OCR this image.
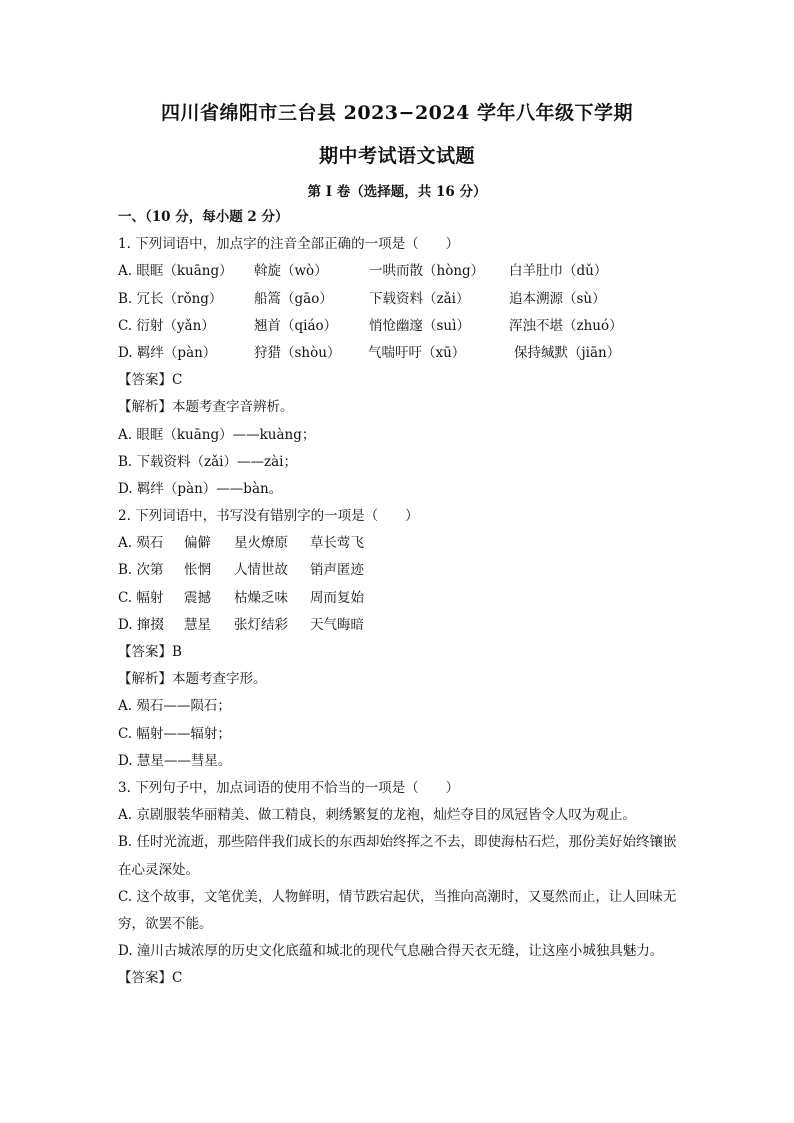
四川省绵阳市三台县 2023−2024 学年八年级下学期
期中考试语文试题
第 I 卷（选择题，共 16 分）
一、（10 分，每小题 2 分）
1. 下列词语中，加点字的注音全部正确的一项是（　　）
A. 眼眶（kuāng） 斡旋（wò）	一哄而散（hòng） 白羊肚巾（dǔ）
B. 冗长（rǒng） 船篙（gāo）	下载资料（zǎi）	追本溯源（sù）
C. 衍射（yǎn）	翘首（qiáo） 悄怆幽邃（suì）	浑浊不堪（zhuó）
D. 羁绊（pàn）	狩猎（shòu） 气喘吁吁（xū）	保持缄默（jiān）
【答案】C
【解析】本题考查字音辨析。
A. 眼眶（kuāng）——kuàng；
B. 下载资料（zǎi）——zài；
D. 羁绊（pàn）——bàn。
2. 下列词语中，书写没有错别字的一项是（　　）
A. 殒石 偏僻 星火燎原 草长莺飞
B. 次第 怅惘 人情世故 销声匿迹
C. 幅射 震撼 枯燥乏味 周而复始
D. 撺掇 慧星 张灯结彩 天气晦暗
【答案】B
【解析】本题考查字形。
A. 殒石——陨石；
C. 幅射——辐射；
D. 慧星——彗星。
3. 下列句子中，加点词语的使用不恰当的一项是（　　）
A. 京剧服装华丽精美、做工精良，刺绣繁复的龙袍，灿烂夺目的凤冠皆令人叹为观止。
B. 任时光流逝，那些陪伴我们成长的东西却始终挥之不去，即使海枯石烂，那份美好始终镶嵌在心灵深处。
C. 这个故事，文笔优美，人物鲜明，情节跌宕起伏，当推向高潮时，又戛然而止，让人回味无穷，欲罢不能。
D. 潼川古城浓厚的历史文化底蕴和城北的现代气息融合得天衣无缝，让这座小城独具魅力。
【答案】C
